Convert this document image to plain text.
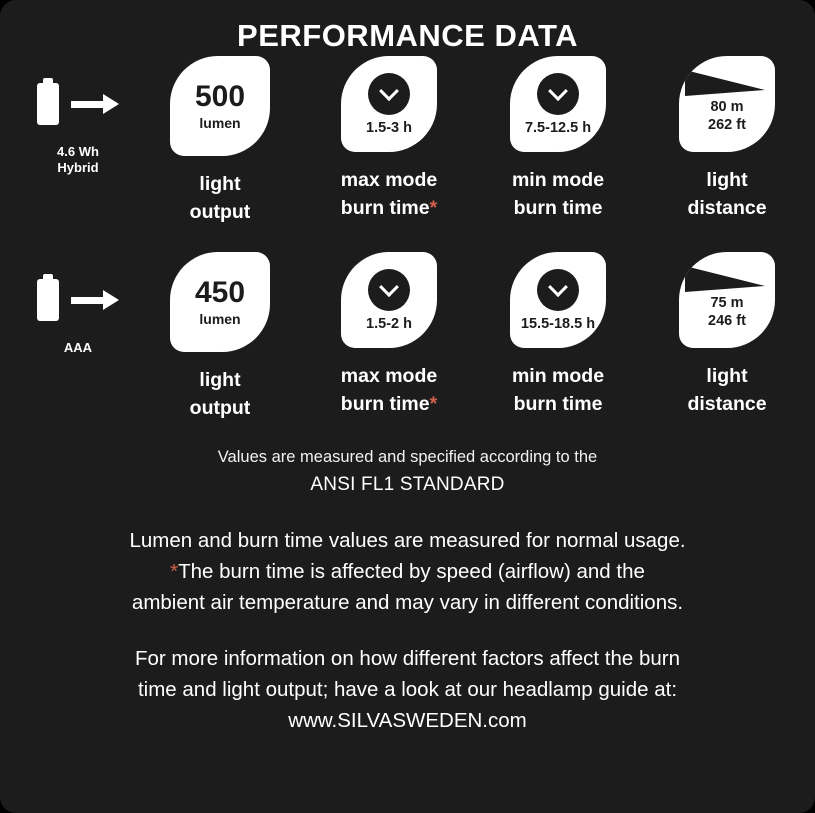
PERFORMANCE DATA
4.6 Wh
Hybrid
500
lumen
light
output
1.5-3 h
max mode
burn time*
7.5-12.5 h
min mode
burn time
80 m
262 ft
light
distance
AAA
450
lumen
light
output
1.5-2 h
max mode
burn time*
15.5-18.5 h
min mode
burn time
75 m
246 ft
light
distance
Values are measured and specified according to the
ANSI FL1 STANDARD

Lumen and burn time values are measured for normal usage.

*The burn time is affected by speed (airflow) and the
ambient air temperature and may vary in different conditions.

For more information on how different factors affect the burn
time and light output; have a look at our headlamp guide at:

www.SILVASWEDEN.com
